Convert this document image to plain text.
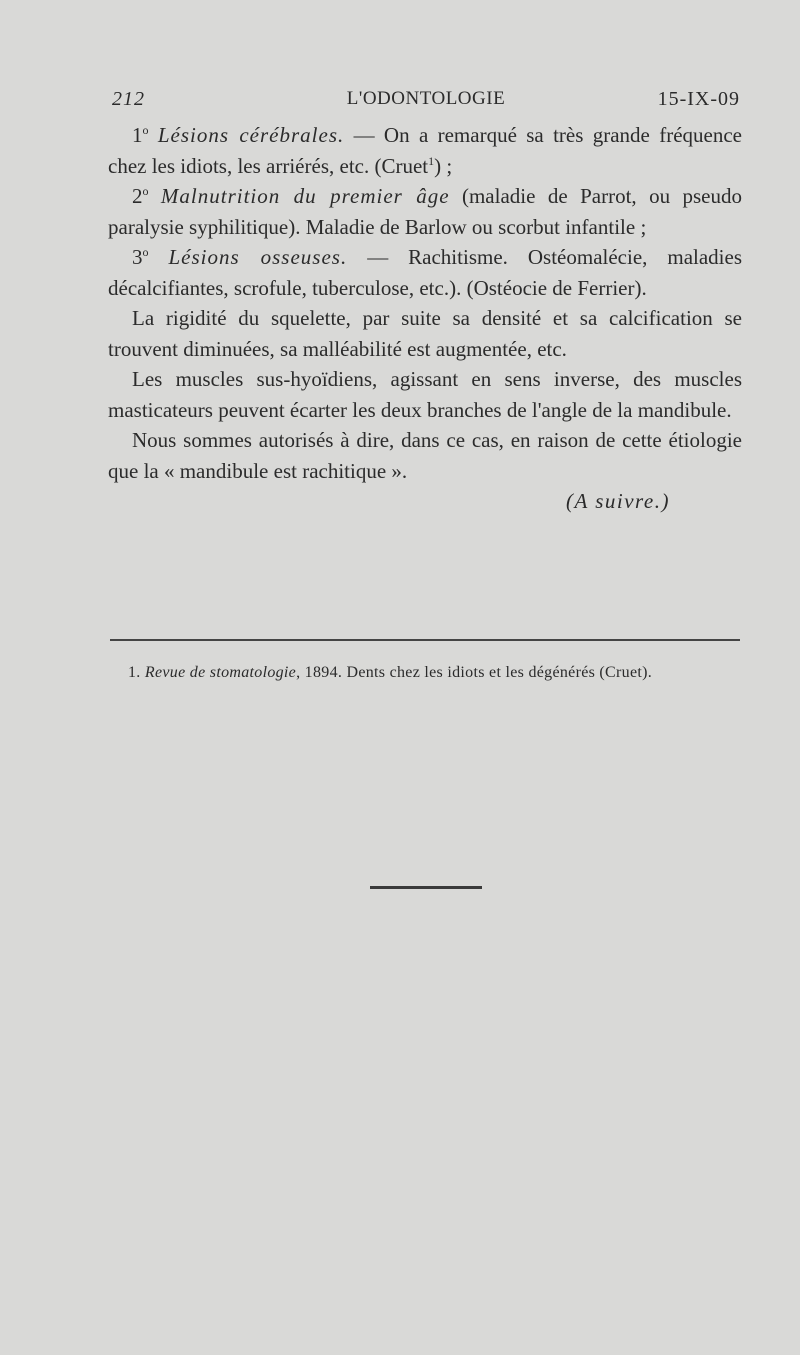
212	L'ODONTOLOGIE	15-IX-09

1$^o$ Lésions cérébrales. — On a remarqué sa très grande fréquence chez les idiots, les arriérés, etc. (Cruet$^1$) ;

2$^o$ Malnutrition du premier âge (maladie de Parrot, ou pseudo paralysie syphilitique). Maladie de Barlow ou scorbut infantile ;

3$^o$ Lésions osseuses. — Rachitisme. Ostéomalécie, maladies décalcifiantes, scrofule, tuberculose, etc.). (Ostéocie de Ferrier).

La rigidité du squelette, par suite sa densité et sa calcification se trouvent diminuées, sa malléabilité est augmentée, etc.

Les muscles sus-hyoïdiens, agissant en sens inverse, des muscles masticateurs peuvent écarter les deux branches de l'angle de la mandibule.

Nous sommes autorisés à dire, dans ce cas, en raison de cette étiologie que la « mandibule est rachitique ».

(A suivre.)
1. Revue de stomatologie, 1894. Dents chez les idiots et les dégénérés (Cruet).
